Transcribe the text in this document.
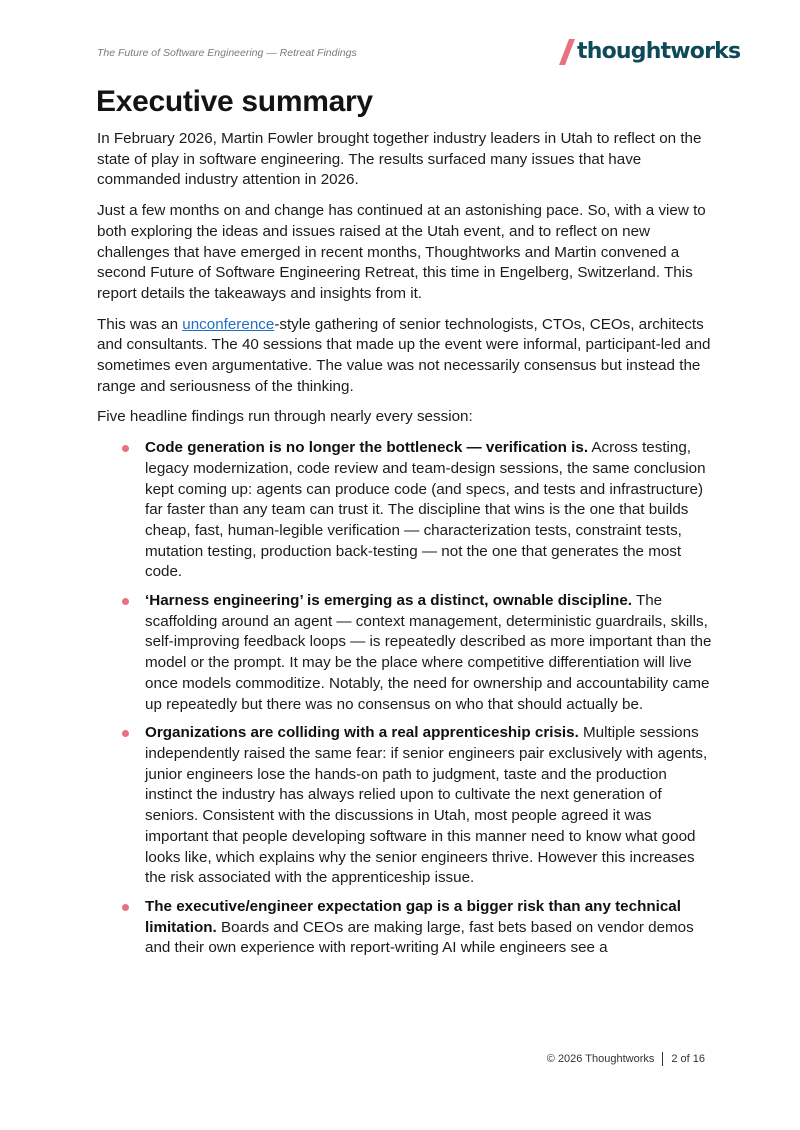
The Future of Software Engineering — Retreat Findings	thoughtworks
Executive summary

In February 2026, Martin Fowler brought together industry leaders in Utah to reflect on the state of play in software engineering. The results surfaced many issues that have commanded industry attention in 2026.

Just a few months on and change has continued at an astonishing pace. So, with a view to both exploring the ideas and issues raised at the Utah event, and to reflect on new challenges that have emerged in recent months, Thoughtworks and Martin convened a second Future of Software Engineering Retreat, this time in Engelberg, Switzerland. This report details the takeaways and insights from it.

This was an unconference-style gathering of senior technologists, CTOs, CEOs, architects and consultants. The 40 sessions that made up the event were informal, participant-led and sometimes even argumentative. The value was not necessarily consensus but instead the range and seriousness of the thinking.

Five headline findings run through nearly every session:

Code generation is no longer the bottleneck — verification is. Across testing, legacy modernization, code review and team-design sessions, the same conclusion kept coming up: agents can produce code (and specs, and tests and infrastructure) far faster than any team can trust it. The discipline that wins is the one that builds cheap, fast, human-legible verification — characterization tests, constraint tests, mutation testing, production back-testing — not the one that generates the most code.
‘Harness engineering’ is emerging as a distinct, ownable discipline. The scaffolding around an agent — context management, deterministic guardrails, skills, self-improving feedback loops — is repeatedly described as more important than the model or the prompt. It may be the place where competitive differentiation will live once models commoditize. Notably, the need for ownership and accountability came up repeatedly but there was no consensus on who that should actually be.
Organizations are colliding with a real apprenticeship crisis. Multiple sessions independently raised the same fear: if senior engineers pair exclusively with agents, junior engineers lose the hands-on path to judgment, taste and the production instinct the industry has always relied upon to cultivate the next generation of seniors. Consistent with the discussions in Utah, most people agreed it was important that people developing software in this manner need to know what good looks like, which explains why the senior engineers thrive. However this increases the risk associated with the apprenticeship issue.
The executive/engineer expectation gap is a bigger risk than any technical limitation. Boards and CEOs are making large, fast bets based on vendor demos and their own experience with report-writing AI while engineers see a
© 2026 Thoughtworks 2 of 16
